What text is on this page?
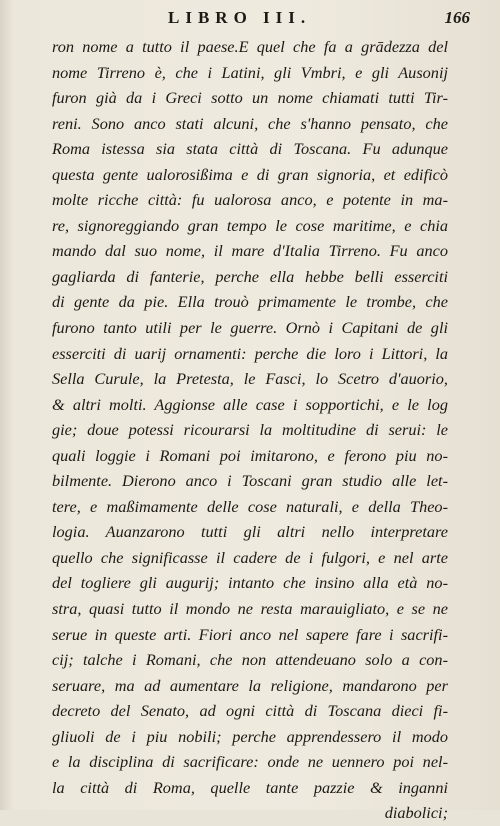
LIBRO III.	166
ron nome a tutto il paese.E quel che fa a grādezza del
nome Tirreno è, che i Latini, gli Vmbri, e gli Ausonij
furon già da i Greci sotto un nome chiamati tutti Tir-
reni. Sono anco stati alcuni, che s'hanno pensato, che
Roma istessa sia stata città di Toscana. Fu adunque
questa gente ualorosißima e di gran signoria, et edificò
molte ricche città: fu ualorosa anco, e potente in ma-
re, signoreggiando gran tempo le cose maritime, e chia
mando dal suo nome, il mare d'Italia Tirreno. Fu anco
gagliarda di fanterie, perche ella hebbe belli esserciti
di gente da pie. Ella trouò primamente le trombe, che
furono tanto utili per le guerre. Ornò i Capitani de gli
esserciti di uarij ornamenti: perche die loro i Littori, la
Sella Curule, la Pretesta, le Fasci, lo Scetro d'auorio,
& altri molti. Aggionse alle case i sopportichi, e le log
gie; doue potessi ricourarsi la moltitudine di serui: le
quali loggie i Romani poi imitarono, e ferono piu no-
bilmente. Dierono anco i Toscani gran studio alle let-
tere, e maßimamente delle cose naturali, e della Theo-
logia. Auanzarono tutti gli altri nello interpretare
quello che significasse il cadere de i fulgori, e nel arte
del togliere gli augurij; intanto che insino alla età no-
stra, quasi tutto il mondo ne resta marauigliato, e se ne
serue in queste arti. Fiori anco nel sapere fare i sacrifi-
cij; talche i Romani, che non attendeuano solo a con-
seruare, ma ad aumentare la religione, mandarono per
decreto del Senato, ad ogni città di Toscana dieci fi-
gliuoli de i piu nobili; perche apprendessero il modo
e la disciplina di sacrificare: onde ne uennero poi nel-
la città di Roma, quelle tante pazzie & inganni
diabolici;
